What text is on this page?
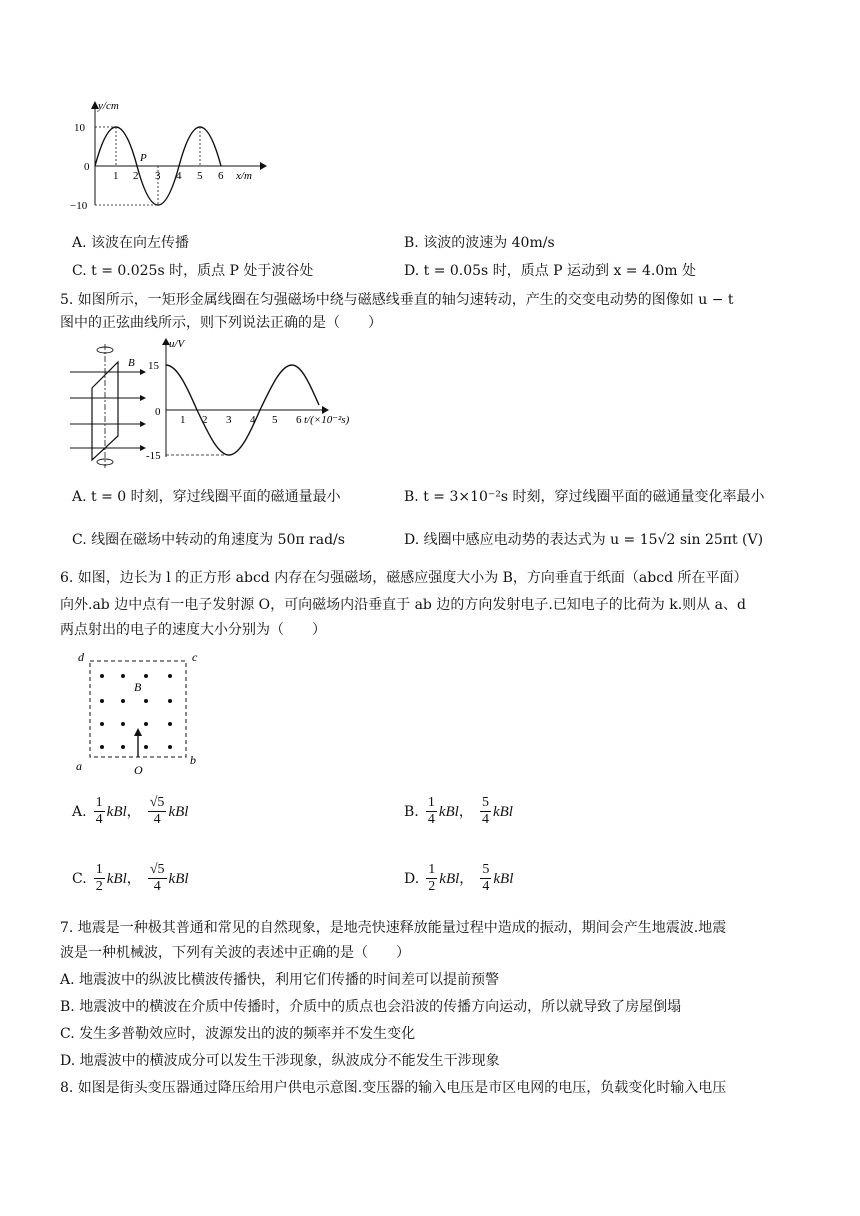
y/cm
10
0
−10
1 2 3 4 5 6 x/m
P
A. 该波在向左传播	B. 该波的波速为 40m/s
C. t = 0.025s 时，质点 P 处于波谷处	D. t = 0.05s 时，质点 P 运动到 x = 4.0m 处
5. 如图所示，一矩形金属线圈在匀强磁场中绕与磁感线垂直的轴匀速转动，产生的交变电动势的图像如 u − t
图中的正弦曲线所示，则下列说法正确的是（　　）
B
u/V
15
0
-15
1 2 3 4 5 6 t/(×10⁻²s)
A. t = 0 时刻，穿过线圈平面的磁通量最小	B. t = 3×10⁻²s 时刻，穿过线圈平面的磁通量变化率最小
C. 线圈在磁场中转动的角速度为 50π rad/s	D. 线圈中感应电动势的表达式为 u = 15√2 sin 25πt (V)
6. 如图，边长为 l 的正方形 abcd 内存在匀强磁场，磁感应强度大小为 B，方向垂直于纸面（abcd 所在平面）
向外.ab 边中点有一电子发射源 O，可向磁场内沿垂直于 ab 边的方向发射电子.已知电子的比荷为 k.则从 a、d
两点射出的电子的速度大小分别为（　　）
d	c
a	b
B
O
A. $\frac{1}{4}$ kBl， $\frac{√5}{4}$ kBl	B. $\frac{1}{4}$ kBl， $\frac{5}{4}$ kBl
C. $\frac{1}{2}$ kBl， $\frac{√5}{4}$ kBl	D. $\frac{1}{2}$ kBl， $\frac{5}{4}$ kBl
7. 地震是一种极其普通和常见的自然现象，是地壳快速释放能量过程中造成的振动，期间会产生地震波.地震
波是一种机械波，下列有关波的表述中正确的是（　　）
A. 地震波中的纵波比横波传播快，利用它们传播的时间差可以提前预警
B. 地震波中的横波在介质中传播时，介质中的质点也会沿波的传播方向运动，所以就导致了房屋倒塌
C. 发生多普勒效应时，波源发出的波的频率并不发生变化
D. 地震波中的横波成分可以发生干涉现象，纵波成分不能发生干涉现象
8. 如图是街头变压器通过降压给用户供电示意图.变压器的输入电压是市区电网的电压，负载变化时输入电压
